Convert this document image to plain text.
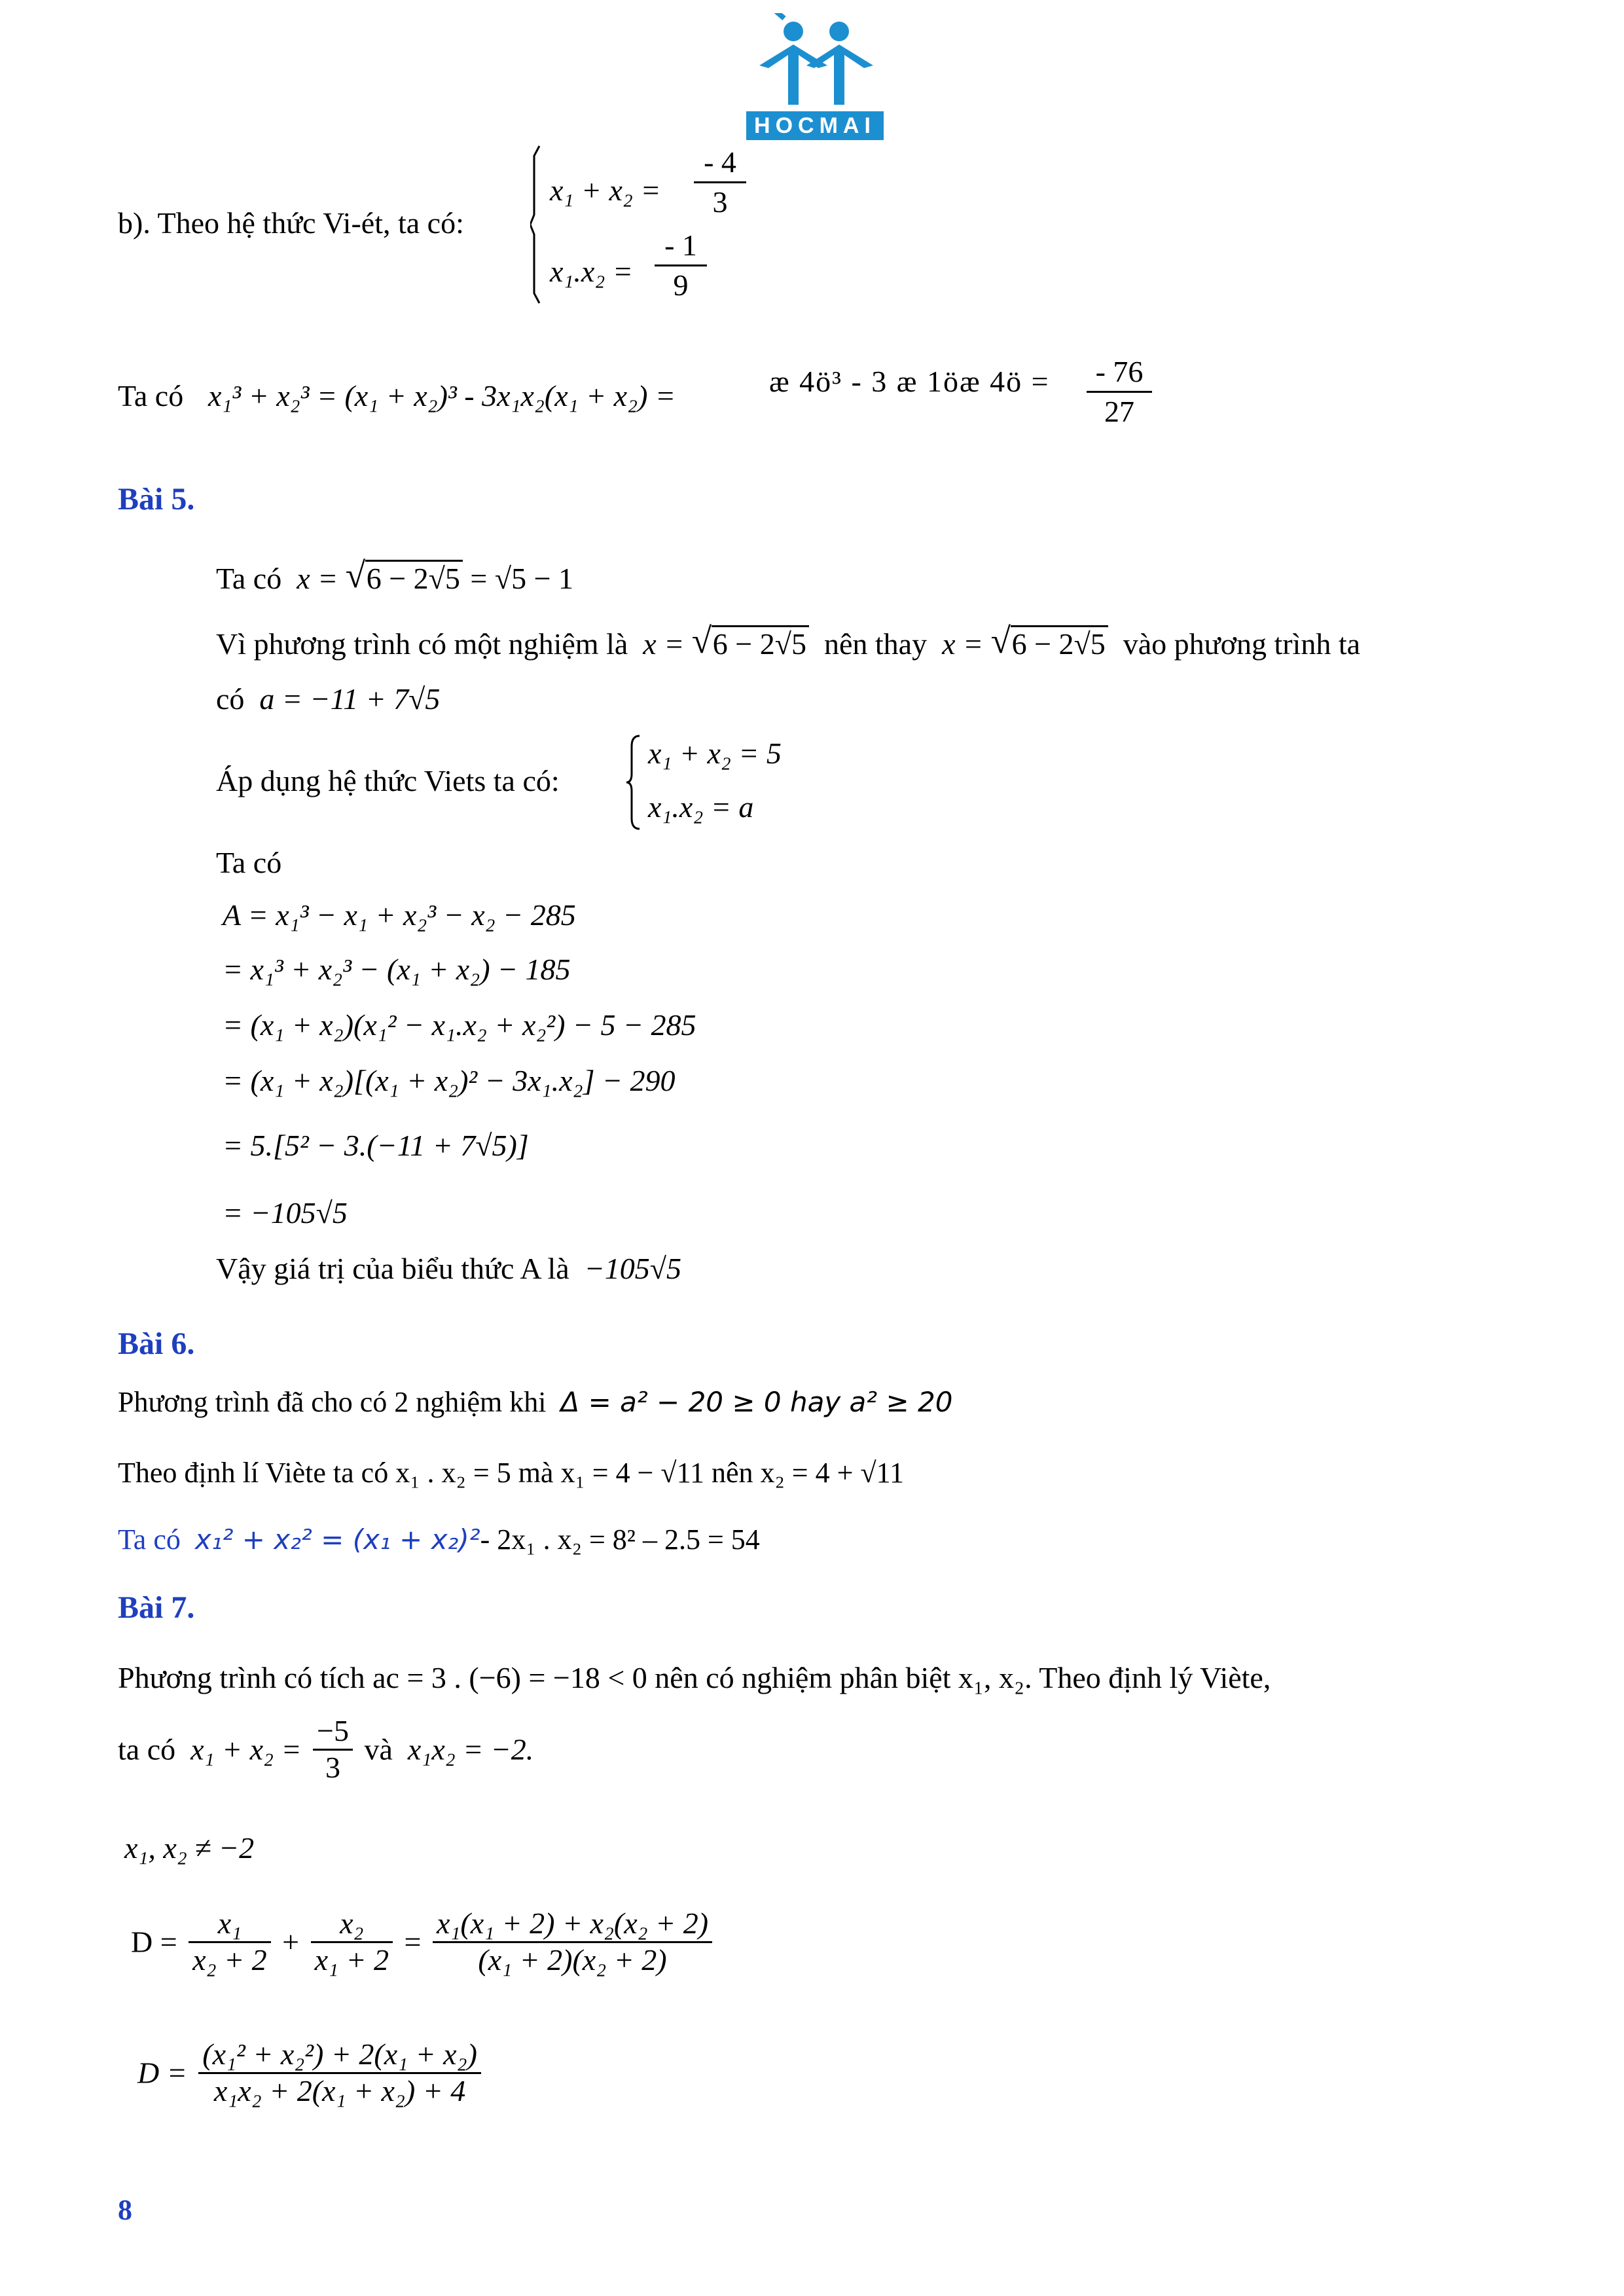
HOCMAI
b). Theo hệ thức Vi-ét, ta có:
$x_1 + x_2 = \frac{- 4}{3}$
$x_1.x_2 = \frac{- 1}{9}$
Ta có x₁³ + x₂³ = (x₁ + x₂)³ - 3x₁x₂(x₁ + x₂) =	æ 4ö³ - 3 æ 1öæ 4ö = $\frac{- 76}{27}$
Bài 5.
Ta có x = √ 6 − 2√5 = √5 − 1
Vì phương trình có một nghiệm là x = √ 6 − 2√5 nên thay x = √ 6 − 2√5 vào phương trình ta
có a = −11 + 7√5
Áp dụng hệ thức Viets ta có:
x₁ + x₂ = 5
x₁.x₂ = a
Ta có
A = x₁³ − x₁ + x₂³ − x₂ − 285
= x₁³ + x₂³ − (x₁ + x₂) − 185
= (x₁ + x₂)(x₁² − x₁.x₂ + x₂²) − 5 − 285
= (x₁ + x₂)[(x₁ + x₂)² − 3x₁.x₂] − 290
= 5.[5² − 3.(−11 + 7√5)]
= −105√5
Vậy giá trị của biểu thức A là −105√5
Bài 6.
Phương trình đã cho có 2 nghiệm khi Δ = a² − 20 ≥ 0 hay a² ≥ 20
Theo định lí Viète ta có x₁ . x₂ = 5 mà x₁ = 4 − √11 nên x₂ = 4 + √11
Ta có x₁² + x₂² = (x₁ + x₂)²- 2x₁ . x₂ = 8² – 2.5 = 54
Bài 7.
Phương trình có tích ac = 3 . (−6) = −18 < 0 nên có nghiệm phân biệt x₁, x₂. Theo định lý Viète,
ta có $x_1 + x_2 = \frac{-5}{3}$ và x₁x₂ = −2.
x₁, x₂ ≠ −2
$D = \frac{\text{x₁}}{\text{x₂ + 2}} + \frac{\text{x₂}}{\text{x₁ + 2}} = \frac{\text{x₁(x₁ + 2) + x₂(x₂ + 2)}}{\text{(x₁ + 2)(x₂ + 2)}}$
$D = \frac{\text{(x₁² + x₂²) + 2(x₁ + x₂)}}{\text{x₁x₂ + 2(x₁ + x₂) + 4}}$
8
